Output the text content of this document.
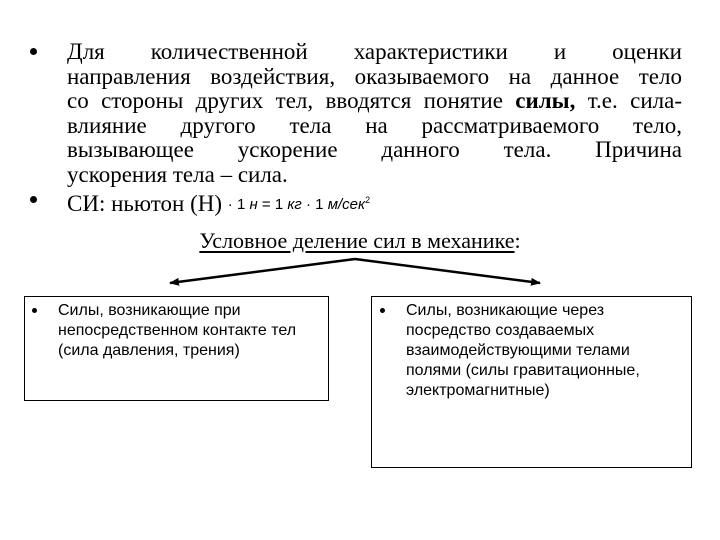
Для количественной характеристики и оценки
направления воздействия, оказываемого на данное тело
со стороны других тел, вводятся понятие силы, т.е. сила-
влияние другого тела на рассматриваемого тело,
вызывающее ускорение данного тела. Причина
ускорения тела – сила.
СИ: ньютон (Н) · 1 н = 1 кг · 1 м/сек$^2$
Условное деление сил в механике:
Силы, возникающие при непосредственном контакте тел (сила давления, трения)
Силы, возникающие через посредство создаваемых взаимодействующими телами полями (силы гравитационные, электромагнитные)
